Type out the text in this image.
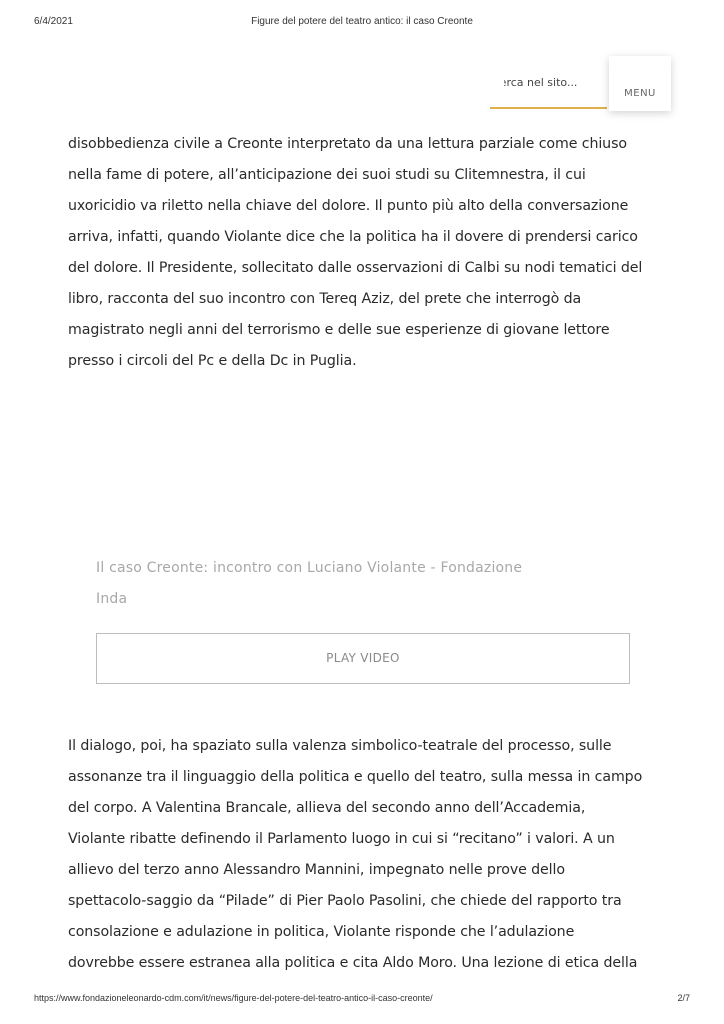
6/4/2021	Figure del potere del teatro antico: il caso Creonte
Cerca nel sito...
MENU
disobbedienza civile a Creonte interpretato da una lettura parziale come chiuso
nella fame di potere, all’anticipazione dei suoi studi su Clitemnestra, il cui
uxoricidio va riletto nella chiave del dolore. Il punto più alto della conversazione
arriva, infatti, quando Violante dice che la politica ha il dovere di prendersi carico
del dolore. Il Presidente, sollecitato dalle osservazioni di Calbi su nodi tematici del
libro, racconta del suo incontro con Tereq Aziz, del prete che interrogò da
magistrato negli anni del terrorismo e delle sue esperienze di giovane lettore
presso i circoli del Pc e della Dc in Puglia.
Il caso Creonte: incontro con Luciano Violante - Fondazione
Inda
PLAY VIDEO
Il dialogo, poi, ha spaziato sulla valenza simbolico-teatrale del processo, sulle
assonanze tra il linguaggio della politica e quello del teatro, sulla messa in campo
del corpo. A Valentina Brancale, allieva del secondo anno dell’Accademia,
Violante ribatte definendo il Parlamento luogo in cui si “recitano” i valori. A un
allievo del terzo anno Alessandro Mannini, impegnato nelle prove dello
spettacolo-saggio da “Pilade” di Pier Paolo Pasolini, che chiede del rapporto tra
consolazione e adulazione in politica, Violante risponde che l’adulazione
dovrebbe essere estranea alla politica e cita Aldo Moro. Una lezione di etica della
https://www.fondazioneleonardo-cdm.com/it/news/figure-del-potere-del-teatro-antico-il-caso-creonte/	2/7
